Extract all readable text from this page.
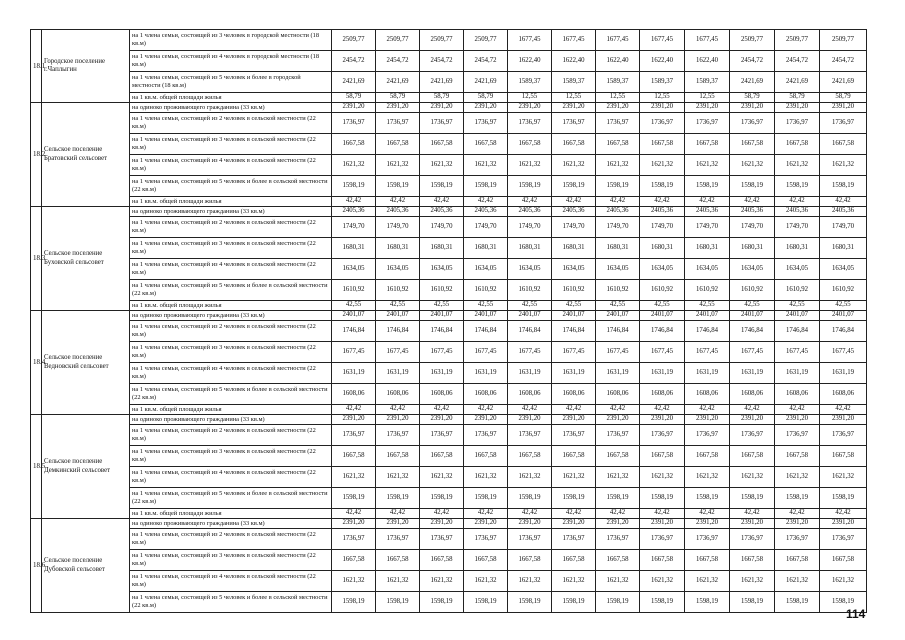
18.1	Городское поселение г.Чаплыгин	на 1 члена семьи, состоящей из 3 человек в городской местности (18 кв.м)	2509,77	2509,77	2509,77	2509,77	1677,45	1677,45	1677,45	1677,45	1677,45	2509,77	2509,77	2509,77
		на 1 члена семьи, состоящей из 4 человек в городской местности (18 кв.м)	2454,72	2454,72	2454,72	2454,72	1622,40	1622,40	1622,40	1622,40	1622,40	2454,72	2454,72	2454,72
		на 1 члена семьи, состоящей из 5 человек и более в городской местности (18 кв.м)	2421,69	2421,69	2421,69	2421,69	1589,37	1589,37	1589,37	1589,37	1589,37	2421,69	2421,69	2421,69
		на 1 кв.м. общей площади жилья	58,79	58,79	58,79	58,79	12,55	12,55	12,55	12,55	12,55	58,79	58,79	58,79
18.2	Сельское поселение Братовский сельсовет	на одиноко проживающего гражданина (33 кв.м)	2391,20	2391,20	2391,20	2391,20	2391,20	2391,20	2391,20	2391,20	2391,20	2391,20	2391,20	2391,20
		на 1 члена семьи, состоящей из 2 человек в сельской местности (22 кв.м)	1736,97	1736,97	1736,97	1736,97	1736,97	1736,97	1736,97	1736,97	1736,97	1736,97	1736,97	1736,97
		на 1 члена семьи, состоящей из 3 человек в сельской местности (22 кв.м)	1667,58	1667,58	1667,58	1667,58	1667,58	1667,58	1667,58	1667,58	1667,58	1667,58	1667,58	1667,58
		на 1 члена семьи, состоящей из 4 человек в сельской местности (22 кв.м)	1621,32	1621,32	1621,32	1621,32	1621,32	1621,32	1621,32	1621,32	1621,32	1621,32	1621,32	1621,32
		на 1 члена семьи, состоящей из 5 человек и более в сельской местности (22 кв.м)	1598,19	1598,19	1598,19	1598,19	1598,19	1598,19	1598,19	1598,19	1598,19	1598,19	1598,19	1598,19
		на 1 кв.м. общей площади жилья	42,42	42,42	42,42	42,42	42,42	42,42	42,42	42,42	42,42	42,42	42,42	42,42
18.3	Сельское поселение Буховской сельсовет	на одиноко проживающего гражданина (33 кв.м)	2405,36	2405,36	2405,36	2405,36	2405,36	2405,36	2405,36	2405,36	2405,36	2405,36	2405,36	2405,36
		на 1 члена семьи, состоящей из 2 человек в сельской местности (22 кв.м)	1749,70	1749,70	1749,70	1749,70	1749,70	1749,70	1749,70	1749,70	1749,70	1749,70	1749,70	1749,70
		на 1 члена семьи, состоящей из 3 человек в сельской местности (22 кв.м)	1680,31	1680,31	1680,31	1680,31	1680,31	1680,31	1680,31	1680,31	1680,31	1680,31	1680,31	1680,31
		на 1 члена семьи, состоящей из 4 человек в сельской местности (22 кв.м)	1634,05	1634,05	1634,05	1634,05	1634,05	1634,05	1634,05	1634,05	1634,05	1634,05	1634,05	1634,05
		на 1 члена семьи, состоящей из 5 человек и более в сельской местности (22 кв.м)	1610,92	1610,92	1610,92	1610,92	1610,92	1610,92	1610,92	1610,92	1610,92	1610,92	1610,92	1610,92
		на 1 кв.м. общей площади жилья	42,55	42,55	42,55	42,55	42,55	42,55	42,55	42,55	42,55	42,55	42,55	42,55
18.4	Сельское поселение Ведновский сельсовет	на одиноко проживающего гражданина (33 кв.м)	2401,07	2401,07	2401,07	2401,07	2401,07	2401,07	2401,07	2401,07	2401,07	2401,07	2401,07	2401,07
		на 1 члена семьи, состоящей из 2 человек в сельской местности (22 кв.м)	1746,84	1746,84	1746,84	1746,84	1746,84	1746,84	1746,84	1746,84	1746,84	1746,84	1746,84	1746,84
		на 1 члена семьи, состоящей из 3 человек в сельской местности (22 кв.м)	1677,45	1677,45	1677,45	1677,45	1677,45	1677,45	1677,45	1677,45	1677,45	1677,45	1677,45	1677,45
		на 1 члена семьи, состоящей из 4 человек в сельской местности (22 кв.м)	1631,19	1631,19	1631,19	1631,19	1631,19	1631,19	1631,19	1631,19	1631,19	1631,19	1631,19	1631,19
		на 1 члена семьи, состоящей из 5 человек и более в сельской местности (22 кв.м)	1608,06	1608,06	1608,06	1608,06	1608,06	1608,06	1608,06	1608,06	1608,06	1608,06	1608,06	1608,06
		на 1 кв.м. общей площади жилья	42,42	42,42	42,42	42,42	42,42	42,42	42,42	42,42	42,42	42,42	42,42	42,42
18.5	Сельское поселение Демкинский сельсовет	на одиноко проживающего гражданина (33 кв.м)	2391,20	2391,20	2391,20	2391,20	2391,20	2391,20	2391,20	2391,20	2391,20	2391,20	2391,20	2391,20
		на 1 члена семьи, состоящей из 2 человек в сельской местности (22 кв.м)	1736,97	1736,97	1736,97	1736,97	1736,97	1736,97	1736,97	1736,97	1736,97	1736,97	1736,97	1736,97
		на 1 члена семьи, состоящей из 3 человек в сельской местности (22 кв.м)	1667,58	1667,58	1667,58	1667,58	1667,58	1667,58	1667,58	1667,58	1667,58	1667,58	1667,58	1667,58
		на 1 члена семьи, состоящей из 4 человек в сельской местности (22 кв.м)	1621,32	1621,32	1621,32	1621,32	1621,32	1621,32	1621,32	1621,32	1621,32	1621,32	1621,32	1621,32
		на 1 члена семьи, состоящей из 5 человек и более в сельской местности (22 кв.м)	1598,19	1598,19	1598,19	1598,19	1598,19	1598,19	1598,19	1598,19	1598,19	1598,19	1598,19	1598,19
		на 1 кв.м. общей площади жилья	42,42	42,42	42,42	42,42	42,42	42,42	42,42	42,42	42,42	42,42	42,42	42,42
18.6	Сельское поселение Дубовской сельсовет	на одиноко проживающего гражданина (33 кв.м)	2391,20	2391,20	2391,20	2391,20	2391,20	2391,20	2391,20	2391,20	2391,20	2391,20	2391,20	2391,20
		на 1 члена семьи, состоящей из 2 человек в сельской местности (22 кв.м)	1736,97	1736,97	1736,97	1736,97	1736,97	1736,97	1736,97	1736,97	1736,97	1736,97	1736,97	1736,97
		на 1 члена семьи, состоящей из 3 человек в сельской местности (22 кв.м)	1667,58	1667,58	1667,58	1667,58	1667,58	1667,58	1667,58	1667,58	1667,58	1667,58	1667,58	1667,58
		на 1 члена семьи, состоящей из 4 человек в сельской местности (22 кв.м)	1621,32	1621,32	1621,32	1621,32	1621,32	1621,32	1621,32	1621,32	1621,32	1621,32	1621,32	1621,32
		на 1 члена семьи, состоящей из 5 человек и более в сельской местности (22 кв.м)	1598,19	1598,19	1598,19	1598,19	1598,19	1598,19	1598,19	1598,19	1598,19	1598,19	1598,19	1598,19
114
